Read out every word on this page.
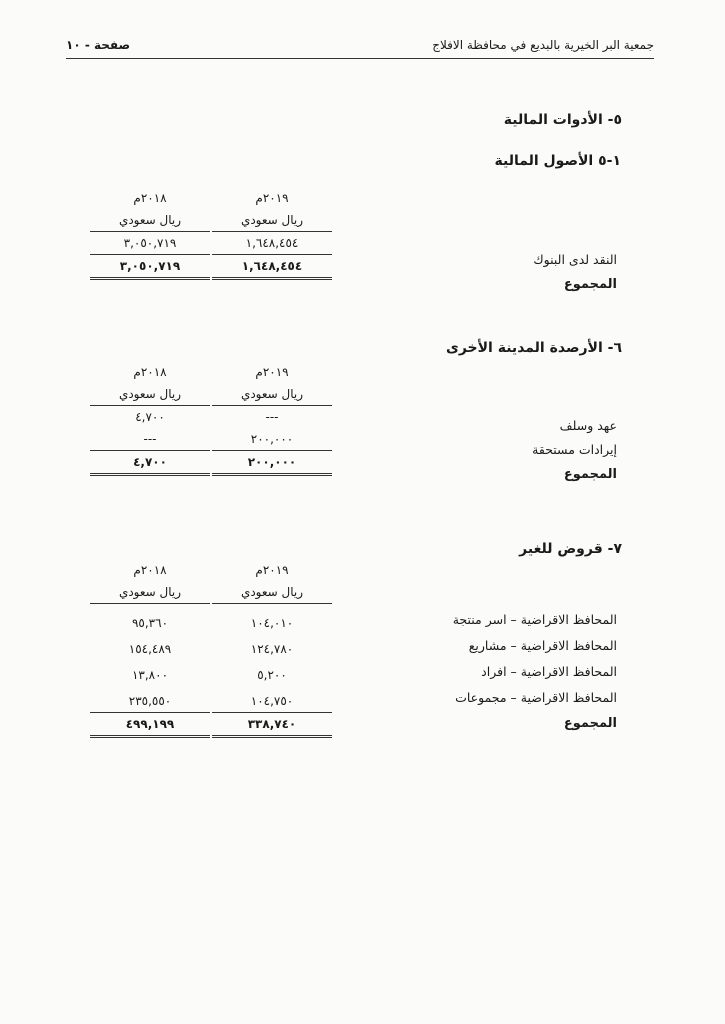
جمعية البر الخيرية بالبديع في محافظة الافلاج
صفحة - ١٠
٥- الأدوات المالية
١-٥ الأصول المالية
٢٠١٩م
ريال سعودي
١,٦٤٨,٤٥٤
١,٦٤٨,٤٥٤
٢٠١٨م
ريال سعودي
٣,٠٥٠,٧١٩
٣,٠٥٠,٧١٩	النقد لدى البنوك
المجموع
٦- الأرصدة المدينة الأخرى
٢٠١٩م
ريال سعودي
---
٢٠٠,٠٠٠
٢٠٠,٠٠٠
٢٠١٨م
ريال سعودي
٤,٧٠٠
---
٤,٧٠٠
عهد وسلف
إيرادات مستحقة
المجموع
٧- قروض للغير
٢٠١٩م
ريال سعودي
١٠٤,٠١٠
١٢٤,٧٨٠
٥,٢٠٠
١٠٤,٧٥٠
٣٣٨,٧٤٠
٢٠١٨م
ريال سعودي
٩٥,٣٦٠
١٥٤,٤٨٩
١٣,٨٠٠
٢٣٥,٥٥٠
٤٩٩,١٩٩
المحافظ الاقراضية – اسر منتجة
المحافظ الاقراضية – مشاريع
المحافظ الاقراضية – افراد
المحافظ الاقراضية – مجموعات
المجموع
